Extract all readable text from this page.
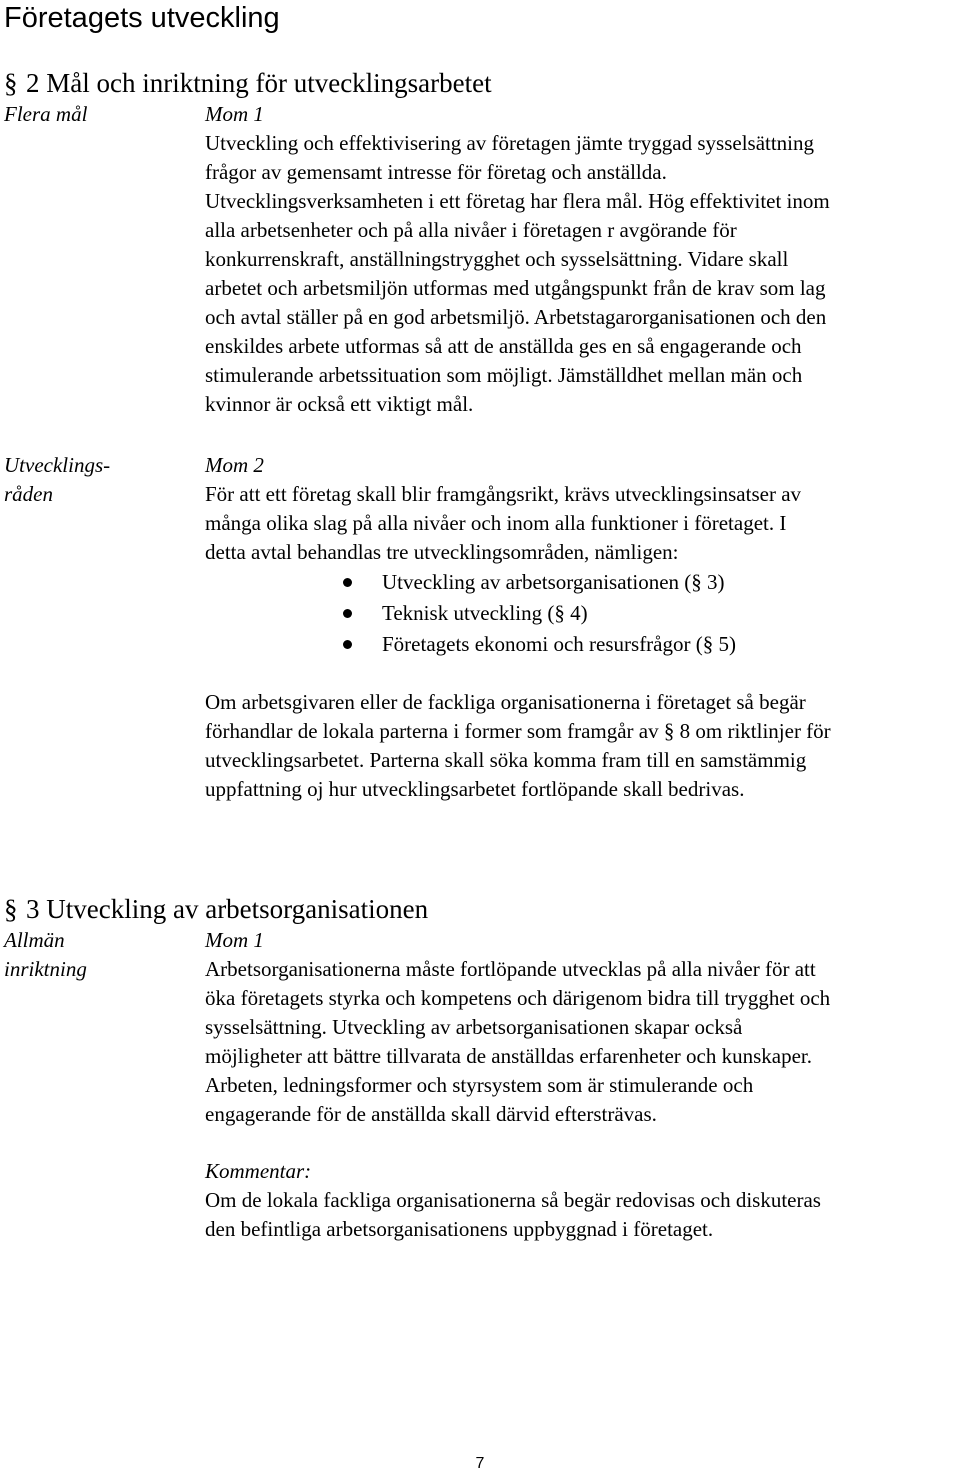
Företagets utveckling
§ 2 Mål och inriktning för utvecklingsarbetet
Flera mål	Mom 1
Utveckling och effektivisering av företagen jämte tryggad sysselsättning
frågor av gemensamt intresse för företag och anställda.
Utvecklingsverksamheten i ett företag har flera mål. Hög effektivitet inom
alla arbetsenheter och på alla nivåer i företagen r avgörande för
konkurrenskraft, anställningstrygghet och sysselsättning. Vidare skall
arbetet och arbetsmiljön utformas med utgångspunkt från de krav som lag
och avtal ställer på en god arbetsmiljö. Arbetstagarorganisationen och den
enskildes arbete utformas så att de anställda ges en så engagerande och
stimulerande arbetssituation som möjligt. Jämställdhet mellan män och
kvinnor är också ett viktigt mål.
Utvecklings-
råden
Mom 2
För att ett företag skall blir framgångsrikt, krävs utvecklingsinsatser av
många olika slag på alla nivåer och inom alla funktioner i företaget. I
detta avtal behandlas tre utvecklingsområden, nämligen:
Utveckling av arbetsorganisationen (§ 3)
Teknisk utveckling (§ 4)
Företagets ekonomi och resursfrågor (§ 5)
Om arbetsgivaren eller de fackliga organisationerna i företaget så begär
förhandlar de lokala parterna i former som framgår av § 8 om riktlinjer för
utvecklingsarbetet. Parterna skall söka komma fram till en samstämmig
uppfattning oj hur utvecklingsarbetet fortlöpande skall bedrivas.
§ 3 Utveckling av arbetsorganisationen
Allmän
inriktning
Mom 1
Arbetsorganisationerna måste fortlöpande utvecklas på alla nivåer för att
öka företagets styrka och kompetens och därigenom bidra till trygghet och
sysselsättning. Utveckling av arbetsorganisationen skapar också
möjligheter att bättre tillvarata de anställdas erfarenheter och kunskaper.
Arbeten, ledningsformer och styrsystem som är stimulerande och
engagerande för de anställda skall därvid eftersträvas.
Kommentar:
Om de lokala fackliga organisationerna så begär redovisas och diskuteras
den befintliga arbetsorganisationens uppbyggnad i företaget.
7
